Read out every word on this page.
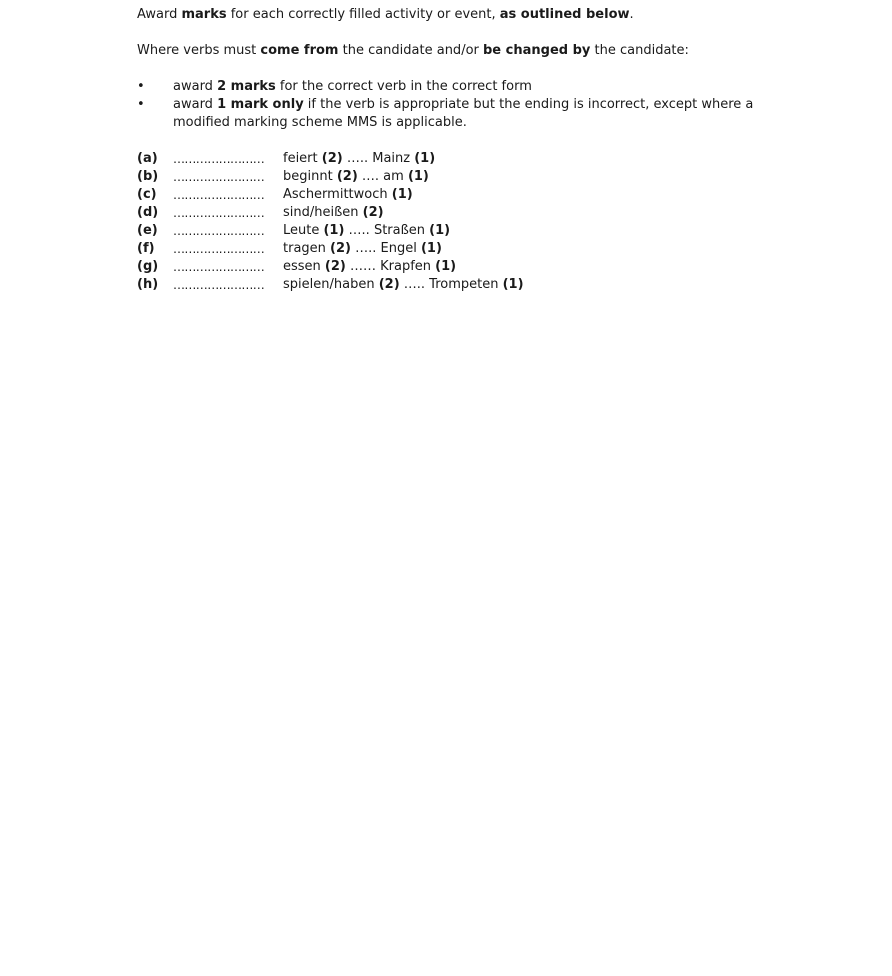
Award marks for each correctly filled activity or event, as outlined below.

Where verbs must come from the candidate and/or be changed by the candidate:

•	award 2 marks for the correct verb in the correct form
•	award 1 mark only if the verb is appropriate but the ending is incorrect, except where a modified marking scheme MMS is applicable.
(a)	……………………	feiert (2) ….. Mainz (1)
(b)	……………………	beginnt (2) …. am (1)
(c)	……………………	Aschermittwoch (1)
(d)	……………………	sind/heißen (2)
(e)	……………………	Leute (1) ….. Straßen (1)
(f)	……………………	tragen (2) ….. Engel (1)
(g)	……………………	essen (2) …… Krapfen (1)
(h)	……………………	spielen/haben (2) ….. Trompeten (1)
